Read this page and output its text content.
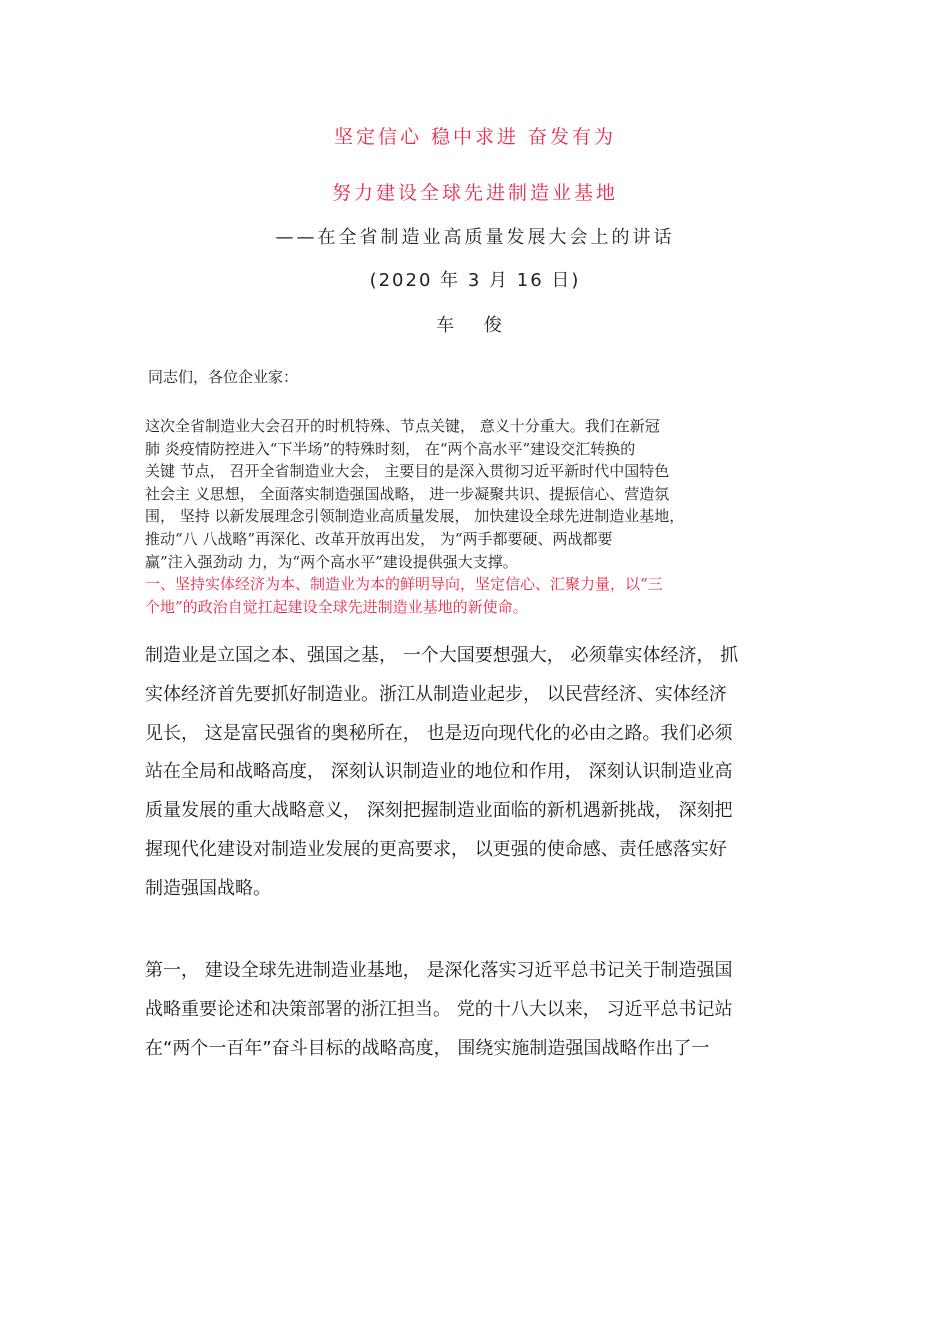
坚定信心 稳中求进 奋发有为
努力建设全球先进制造业基地
——在全省制造业高质量发展大会上的讲话
(2020 年 3 月 16 日)
车 俊
同志们，各位企业家：
这次全省制造业大会召开的时机特殊、节点关键， 意义十分重大。我们在新冠
肺 炎疫情防控进入“下半场”的特殊时刻， 在“两个高水平”建设交汇转换的
关键 节点， 召开全省制造业大会， 主要目的是深入贯彻习近平新时代中国特色
社会主 义思想， 全面落实制造强国战略， 进一步凝聚共识、提振信心、营造氛
围， 坚持 以新发展理念引领制造业高质量发展， 加快建设全球先进制造业基地，
推动“八 八战略”再深化、改革开放再出发， 为“两手都要硬、两战都要
赢”注入强劲动 力，为“两个高水平”建设提供强大支撑。
一、坚持实体经济为本、制造业为本的鲜明导向，坚定信心、汇聚力量，以“三
个地”的政治自觉扛起建设全球先进制造业基地的新使命。
制造业是立国之本、强国之基， 一个大国要想强大， 必须靠实体经济， 抓
实体经济首先要抓好制造业。浙江从制造业起步， 以民营经济、实体经济
见长， 这是富民强省的奥秘所在， 也是迈向现代化的必由之路。我们必须
站在全局和战略高度， 深刻认识制造业的地位和作用， 深刻认识制造业高
质量发展的重大战略意义， 深刻把握制造业面临的新机遇新挑战， 深刻把
握现代化建设对制造业发展的更高要求， 以更强的使命感、责任感落实好
制造强国战略。
第一， 建设全球先进制造业基地， 是深化落实习近平总书记关于制造强国
战略重要论述和决策部署的浙江担当。 党的十八大以来， 习近平总书记站
在“两个一百年”奋斗目标的战略高度， 围绕实施制造强国战略作出了一
